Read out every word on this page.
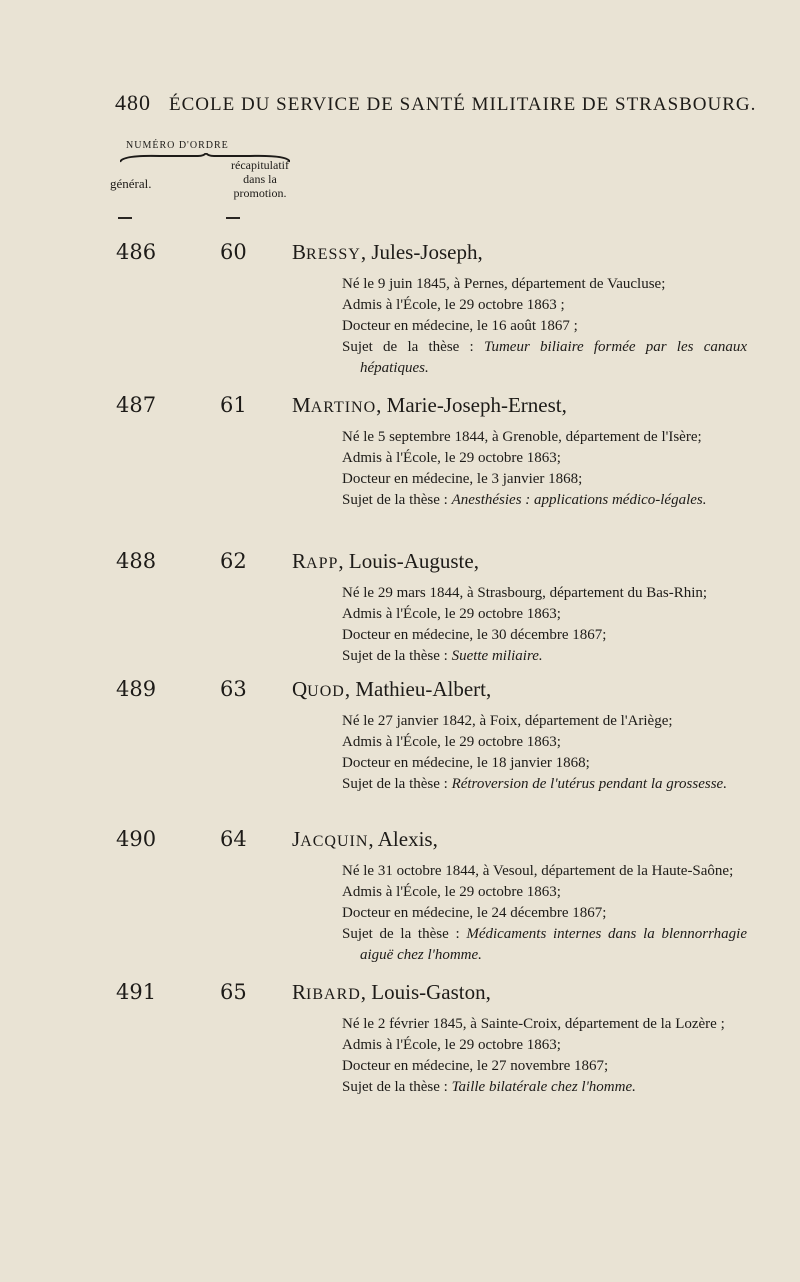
480 ÉCOLE DU SERVICE DE SANTÉ MILITAIRE DE STRASBOURG.
NUMÉRO D'ORDRE
général.
récapitulatif
dans la
promotion.
486	60 BRESSY, Jules-Joseph,
Né le 9 juin 1845, à Pernes, département de Vaucluse;
Admis à l'École, le 29 octobre 1863 ;
Docteur en médecine, le 16 août 1867 ;
Sujet de la thèse : Tumeur biliaire formée par les canaux hépatiques.
487	61 MARTINO, Marie-Joseph-Ernest,
Né le 5 septembre 1844, à Grenoble, département de l'Isère;
Admis à l'École, le 29 octobre 1863;
Docteur en médecine, le 3 janvier 1868;
Sujet de la thèse : Anesthésies : applications médico-légales.
488	62 RAPP, Louis-Auguste,
Né le 29 mars 1844, à Strasbourg, département du Bas-Rhin;
Admis à l'École, le 29 octobre 1863;
Docteur en médecine, le 30 décembre 1867;
Sujet de la thèse : Suette miliaire.
489	63 QUOD, Mathieu-Albert,
Né le 27 janvier 1842, à Foix, département de l'Ariège;
Admis à l'École, le 29 octobre 1863;
Docteur en médecine, le 18 janvier 1868;
Sujet de la thèse : Rétroversion de l'utérus pendant la grossesse.
490	64 JACQUIN, Alexis,
Né le 31 octobre 1844, à Vesoul, département de la Haute-Saône;
Admis à l'École, le 29 octobre 1863;
Docteur en médecine, le 24 décembre 1867;
Sujet de la thèse : Médicaments internes dans la blennorrhagie aiguë chez l'homme.
491	65 RIBARD, Louis-Gaston,
Né le 2 février 1845, à Sainte-Croix, département de la Lozère ;
Admis à l'École, le 29 octobre 1863;
Docteur en médecine, le 27 novembre 1867;
Sujet de la thèse : Taille bilatérale chez l'homme.
